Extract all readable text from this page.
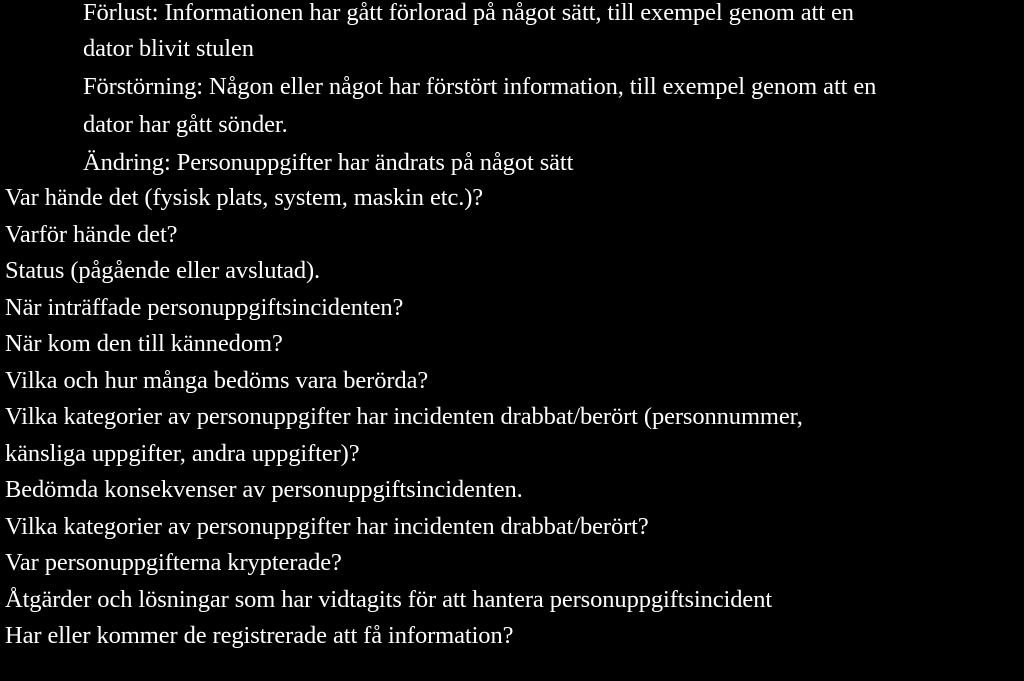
Förlust: Informationen har gått förlorad på något sätt, till exempel genom att en
dator blivit stulen
Förstörning: Någon eller något har förstört information, till exempel genom att en
dator har gått sönder.
Ändring: Personuppgifter har ändrats på något sätt
Var hände det (fysisk plats, system, maskin etc.)?
Varför hände det?
Status (pågående eller avslutad).
När inträffade personuppgiftsincidenten?
När kom den till kännedom?
Vilka och hur många bedöms vara berörda?
Vilka kategorier av personuppgifter har incidenten drabbat/berört (personnummer,
känsliga uppgifter, andra uppgifter)?
Bedömda konsekvenser av personuppgiftsincidenten.
Vilka kategorier av personuppgifter har incidenten drabbat/berört?
Var personuppgifterna krypterade?
Åtgärder och lösningar som har vidtagits för att hantera personuppgiftsincident
Har eller kommer de registrerade att få information?
